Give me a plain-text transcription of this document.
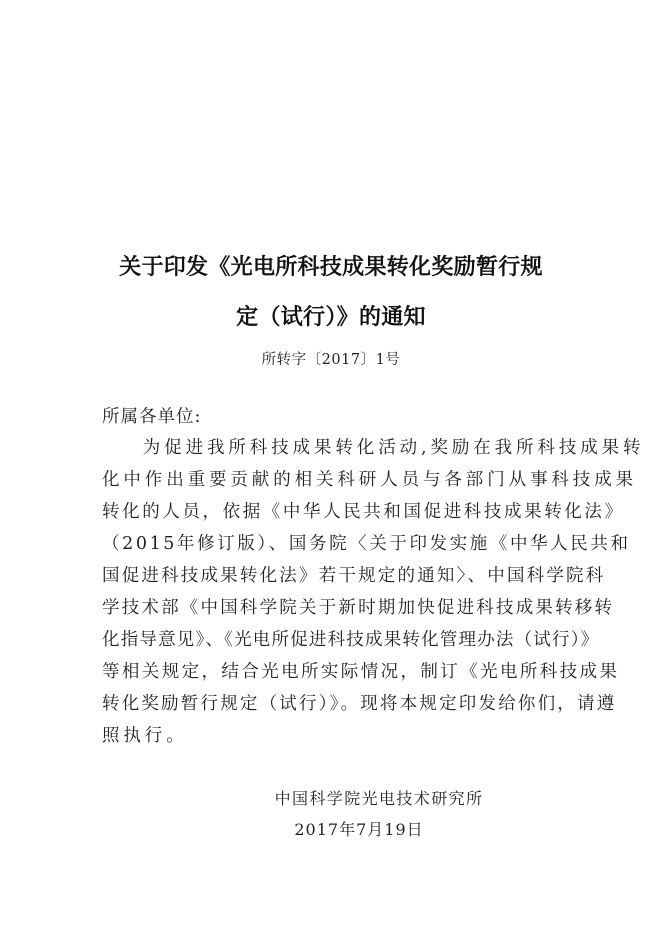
关于印发《光电所科技成果转化奖励暂行规
定（试行）》的通知
所转字〔2017〕1号
所属各单位:
　　为促进我所科技成果转化活动,奖励在我所科技成果转
化中作出重要贡献的相关科研人员与各部门从事科技成果
转化的人员，依据《中华人民共和国促进科技成果转化法》
（2015年修订版）、国务院〈关于印发实施《中华人民共和
国促进科技成果转化法》若干规定的通知〉、中国科学院科
学技术部《中国科学院关于新时期加快促进科技成果转移转
化指导意见》、《光电所促进科技成果转化管理办法（试行）》
等相关规定，结合光电所实际情况，制订《光电所科技成果
转化奖励暂行规定（试行）》。现将本规定印发给你们，请遵
照执行。
中国科学院光电技术研究所
2017年7月19日
